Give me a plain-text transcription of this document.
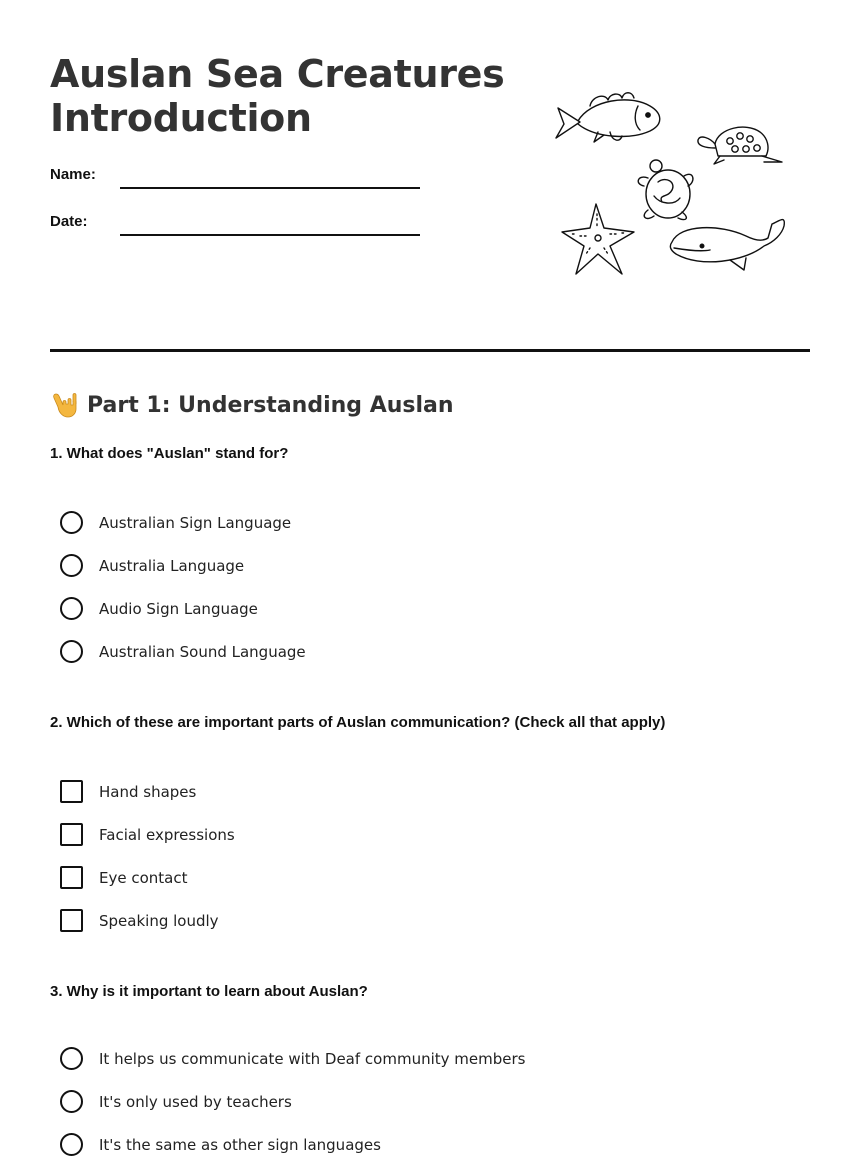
Auslan Sea Creatures
Introduction
Name:
Date:
Part 1: Understanding Auslan

1. What does "Auslan" stand for?

Australian Sign Language
Australia Language
Audio Sign Language
Australian Sound Language

2. Which of these are important parts of Auslan communication? (Check all that apply)

Hand shapes
Facial expressions
Eye contact
Speaking loudly

3. Why is it important to learn about Auslan?

It helps us communicate with Deaf community members
It's only used by teachers
It's the same as other sign languages
